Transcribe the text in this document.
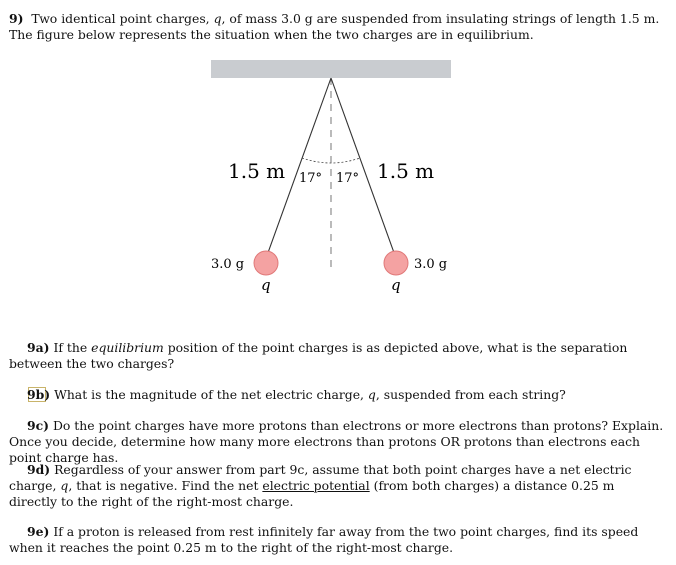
9) Two identical point charges, q, of mass 3.0 g are suspended from insulating strings of length 1.5 m. The figure below represents the situation when the two charges are in equilibrium.

1.5 m	1.5 m
17° 17°
3.0 g	3.0 g
q	q

9a) If the equilibrium position of the point charges is as depicted above, what is the separation between the two charges?

9b) What is the magnitude of the net electric charge, q, suspended from each string?

9c) Do the point charges have more protons than electrons or more electrons than protons? Explain. Once you decide, determine how many more electrons than protons OR protons than electrons each point charge has.

9d) Regardless of your answer from part 9c, assume that both point charges have a net electric charge, q, that is negative. Find the net electric potential (from both charges) a distance 0.25 m directly to the right of the right-most charge.

9e) If a proton is released from rest infinitely far away from the two point charges, find its speed when it reaches the point 0.25 m to the right of the right-most charge.
